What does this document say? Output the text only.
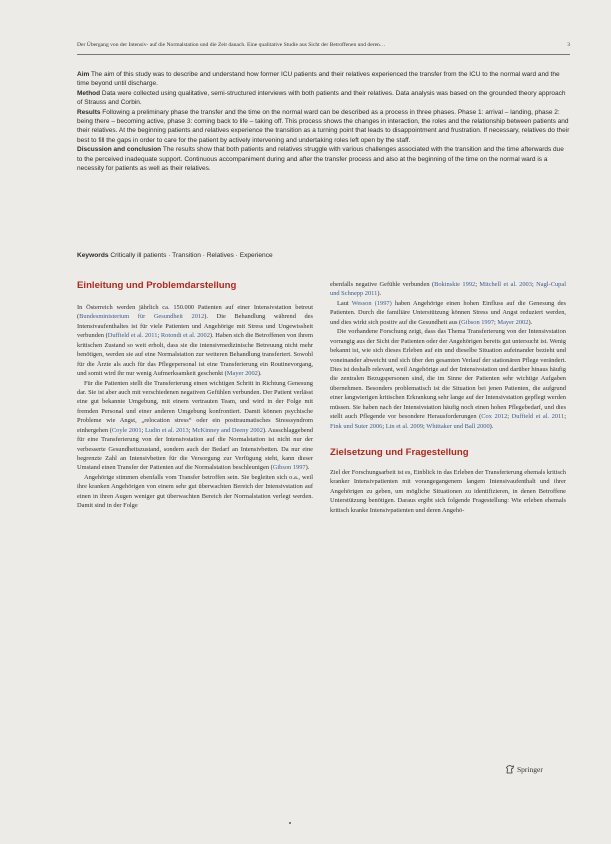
Der Übergang von der Intensiv- auf die Normalstation und die Zeit danach. Eine qualitative Studie aus Sicht der Betroffenen und deren…	3

Aim The aim of this study was to describe and understand how former ICU patients and their relatives experienced the transfer from the ICU to the normal ward and the time beyond until discharge.

Method Data were collected using qualitative, semi-structured interviews with both patients and their relatives. Data analysis was based on the grounded theory approach of Strauss and Corbin.

Results Following a preliminary phase the transfer and the time on the normal ward can be described as a process in three phases. Phase 1: arrival – landing, phase 2: being there – becoming active, phase 3: coming back to life – taking off. This process shows the changes in interaction, the roles and the relationship between patients and their relatives. At the beginning patients and relatives experience the transition as a turning point that leads to disappointment and frustration. If necessary, relatives do their best to fill the gaps in order to care for the patient by actively intervening and undertaking roles left open by the staff.

Discussion and conclusion The results show that both patients and relatives struggle with various challenges associated with the transition and the time afterwards due to the perceived inadequate support. Continuous accompaniment during and after the transfer process and also at the beginning of the time on the normal ward is a necessity for patients as well as their relatives.

Keywords Critically ill patients · Transition · Relatives · Experience
Einleitung und Problemdarstellung

In Österreich werden jährlich ca. 150.000 Patienten auf einer Intensivstation betreut (Bundesministerium für Gesundheit 2012). Die Behandlung während des Intensivaufenthaltes ist für viele Patienten und Angehörige mit Stress und Ungewissheit verbunden (Duffield et al. 2011; Rotondi et al. 2002). Haben sich die Betroffenen von ihrem kritischen Zustand so weit erholt, dass sie die intensivmedizinische Betreuung nicht mehr benötigen, werden sie auf eine Normalstation zur weiteren Behandlung transferiert. Sowohl für die Ärzte als auch für das Pflegepersonal ist eine Transferierung ein Routinevorgang, und somit wird ihr nur wenig Aufmerksamkeit geschenkt (Mayer 2002).

Für die Patienten stellt die Transferierung einen wichtigen Schritt in Richtung Genesung dar. Sie ist aber auch mit verschiedenen negativen Gefühlen verbunden. Der Patient verlässt eine gut bekannte Umgebung, mit einem vertrauten Team, und wird in der Folge mit fremden Personal und einer anderen Umgebung konfrontiert. Damit können psychische Probleme wie Angst, „relocation stress“ oder ein posttraumatisches Stresssyndrom einhergehen (Coyle 2001; Ludin et al. 2013; McKinney and Deeny 2002). Ausschlaggebend für eine Transferierung von der Intensivstation auf die Normalstation ist nicht nur der verbesserte Gesundheitszustand, sondern auch der Bedarf an Intensivbetten. Da nur eine begrenzte Zahl an Intensivbetten für die Versorgung zur Verfügung steht, kann dieser Umstand einen Transfer der Patienten auf die Normalstation beschleunigen (Gibson 1997).

Angehörige stimmen ebenfalls vom Transfer betroffen sein. Sie begleiten sich o.a., weil ihre kranken Angehörigen von einem sehr gut überwachten Bereich der Intensivstation auf einen in ihren Augen weniger gut überwachten Bereich der Normalstation verlegt werden. Damit sind in der Folge

ebenfalls negative Gefühle verbunden (Bokinskie 1992; Mitchell et al. 2003; Nagl-Cupal und Schnepp 2011).

Laut Wesson (1997) haben Angehörige einen hohen Einfluss auf die Genesung des Patienten. Durch die familiäre Unterstützung können Stress und Angst reduziert werden, und dies wirkt sich positiv auf die Gesundheit aus (Gibson 1997; Mayer 2002).

Die vorhandene Forschung zeigt, dass das Thema Transferierung von der Intensivstation vorrangig aus der Sicht der Patienten oder der Angehörigen bereits gut untersucht ist. Wenig bekannt ist, wie sich dieses Erleben auf ein und dieselbe Situation aufeinander bezieht und voneinander abweicht und sich über den gesamten Verlauf der stationären Pflege verändert. Dies ist deshalb relevant, weil Angehörige auf der Intensivstation und darüber hinaus häufig die zentralen Bezugspersonen sind, die im Sinne der Patienten sehr wichtige Aufgaben übernehmen. Besonders problematisch ist die Situation bei jenen Patienten, die aufgrund einer langwierigen kritischen Erkrankung sehr lange auf der Intensivstation gepflegt werden müssen. Sie haben nach der Intensivstation häufig noch einen hohen Pflegebedarf, und dies stellt auch Pflegende vor besondere Herausforderungen (Cox 2012; Duffield et al. 2011; Fink und Suter 2006; Lin et al. 2009; Whittaker und Ball 2000).

Zielsetzung und Fragestellung

Ziel der Forschungsarbeit ist es, Einblick in das Erleben der Transferierung ehemals kritisch kranker Intensivpatienten mit vorangegangenem langem Intensivaufenthalt und ihrer Angehörigen zu geben, um mögliche Situationen zu identifizieren, in denen Betroffene Unterstützung benötigen. Daraus ergibt sich folgende Fragestellung: Wie erleben ehemals kritisch kranke Intensivpatienten und deren Angehö-

Springer
